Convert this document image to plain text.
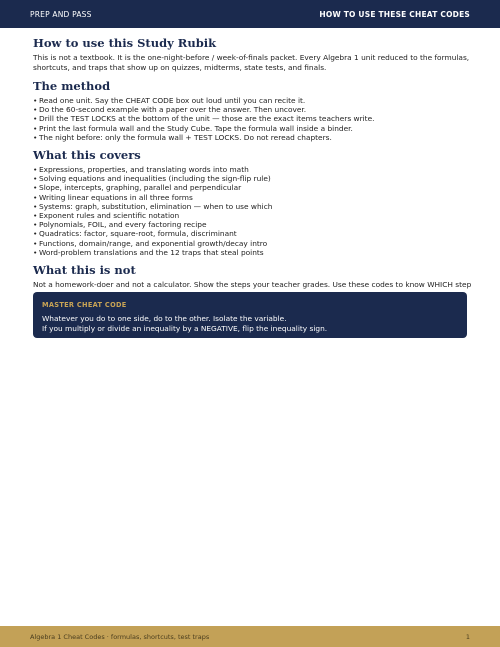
PREP AND PASS	HOW TO USE THESE CHEAT CODES
How to use this Study Rubik

This is not a textbook. It is the one-night-before / week-of-finals packet. Every Algebra 1 unit reduced to the formulas, shortcuts, and traps that show up on quizzes, midterms, state tests, and finals.

The method
• Read one unit. Say the CHEAT CODE box out loud until you can recite it.
• Do the 60-second example with a paper over the answer. Then uncover.
• Drill the TEST LOCKS at the bottom of the unit — those are the exact items teachers write.
• Print the last formula wall and the Study Cube. Tape the formula wall inside a binder.
• The night before: only the formula wall + TEST LOCKS. Do not reread chapters.
What this covers
• Expressions, properties, and translating words into math
• Solving equations and inequalities (including the sign-flip rule)
• Slope, intercepts, graphing, parallel and perpendicular
• Writing linear equations in all three forms
• Systems: graph, substitution, elimination — when to use which
• Exponent rules and scientific notation
• Polynomials, FOIL, and every factoring recipe
• Quadratics: factor, square-root, formula, discriminant
• Functions, domain/range, and exponential growth/decay intro
• Word-problem translations and the 12 traps that steal points
What this is not

Not a homework-doer and not a calculator. Show the steps your teacher grades. Use these codes to know WHICH step

MASTER CHEAT CODE
Whatever you do to one side, do to the other. Isolate the variable.
If you multiply or divide an inequality by a NEGATIVE, flip the inequality sign.
Algebra 1 Cheat Codes · formulas, shortcuts, test traps	1
